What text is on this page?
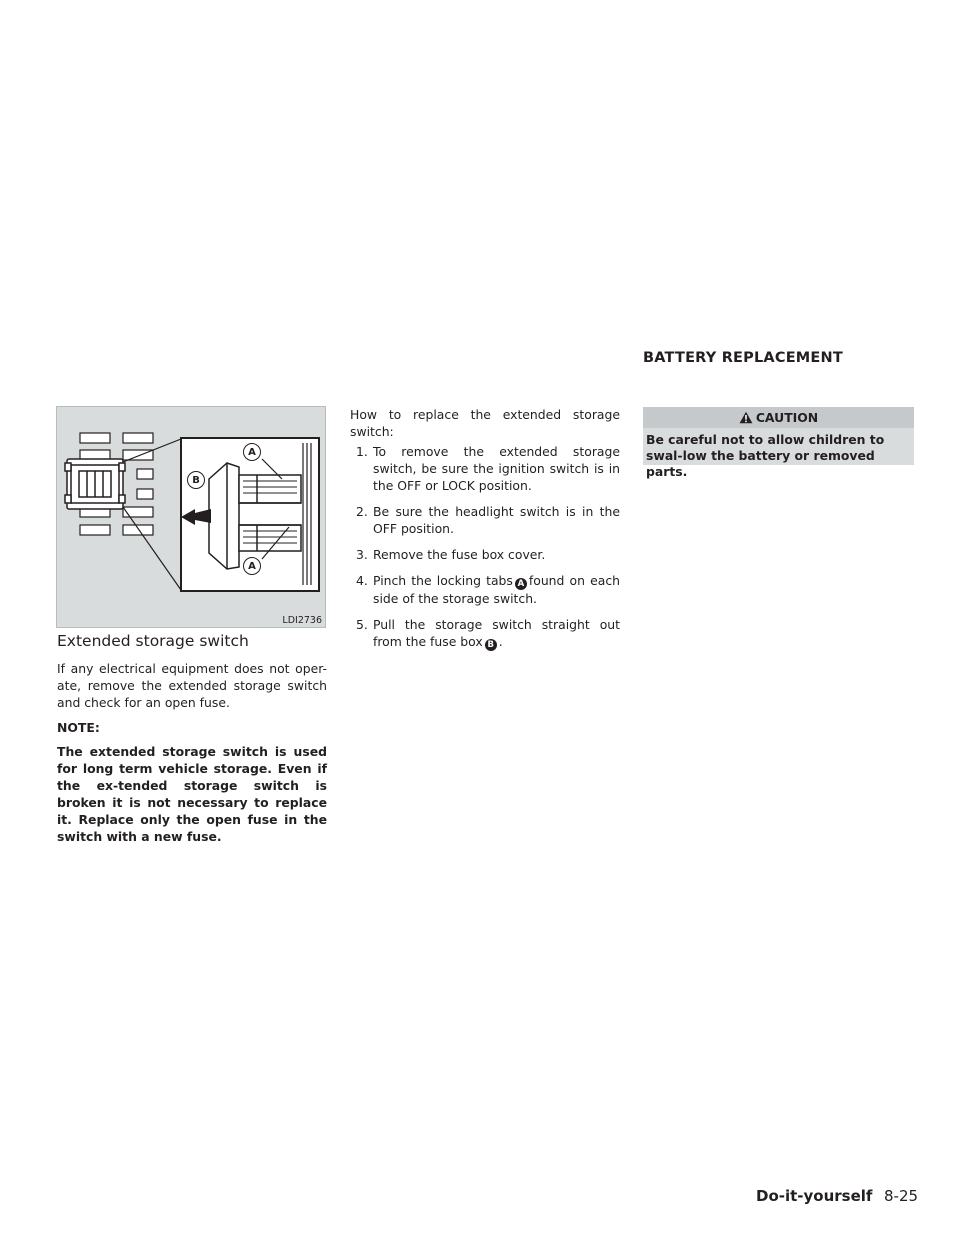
BATTERY REPLACEMENT
A
A
B
LDI2736
Extended storage switch
If any electrical equipment does not oper-ate, remove the extended storage switch and check for an open fuse.
NOTE:
The extended storage switch is used for long term vehicle storage. Even if the ex-tended storage switch is broken it is not necessary to replace it. Replace only the open fuse in the switch with a new fuse.
How to replace the extended storage switch:
1. To remove the extended storage switch, be sure the ignition switch is in the OFF or LOCK position.
2. Be sure the headlight switch is in the OFF position.
3. Remove the fuse box cover.
4. Pinch the locking tabs A found on each side of the storage switch.
5. Pull the storage switch straight out from the fuse box B .
CAUTION
Be careful not to allow children to swal-low the battery or removed parts.
Do-it-yourself 8-25
